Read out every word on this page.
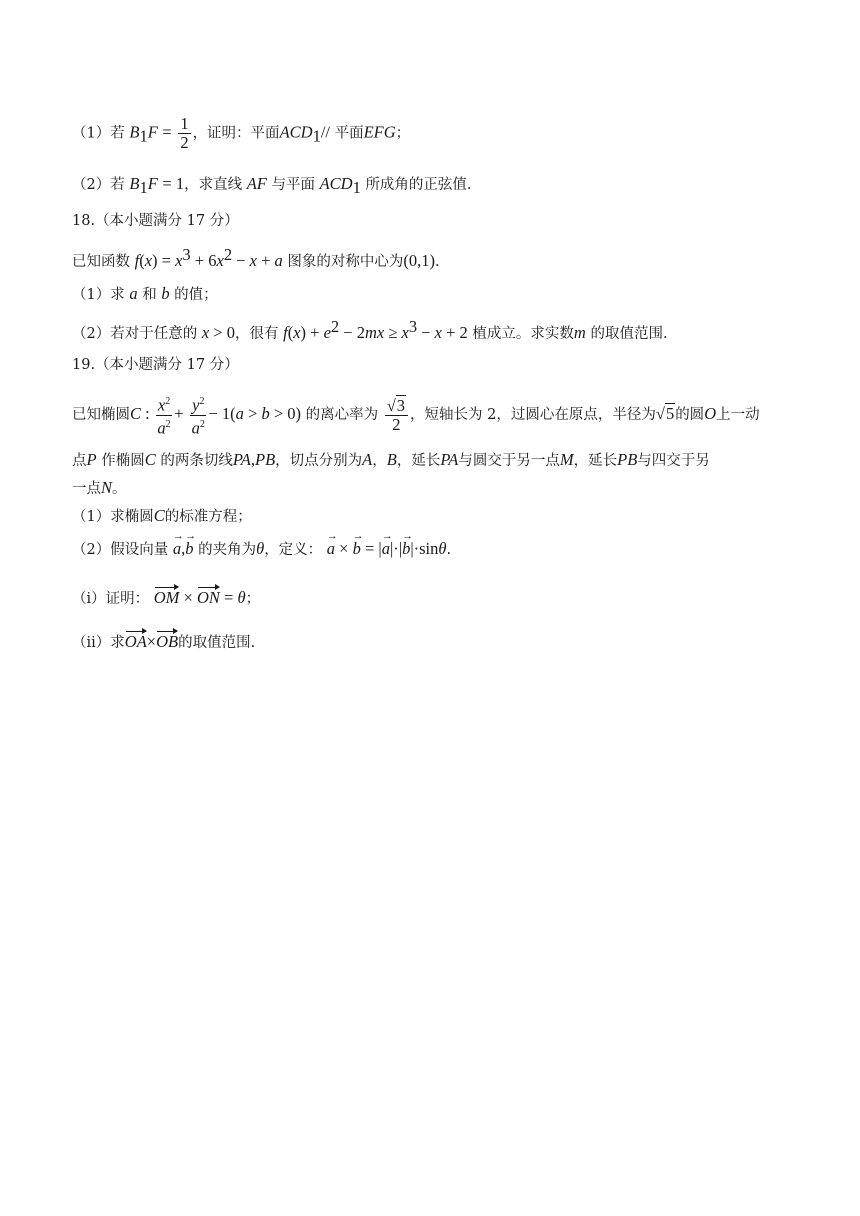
（1）若 $B_1F = \frac{1}{2}$ ，证明：平面$ACD_1//$ 平面EFG；
（2）若 $B_1F = 1$，求直线 AF 与平面 $ACD_1$ 所成角的正弦值.
18.（本小题满分 17 分）
已知函数 $f(x) = x^3 + 6x^2 - x + a$ 图象的对称中心为(0,1).
（1）求 a 和 b 的值；
（2）若对于任意的 x > 0，很有 $f(x) + e^2 - 2mx \ge x^3 - x + 2$ 植成立。求实数m 的取值范围.
19.（本小题满分 17 分）
已知椭圆C : $\frac{x^2}{a^2} + \frac{y^2}{a^2} - 1(a > b > 0)$ 的离心率为 $\frac{√3}{2}$ ，短轴长为 2，过圆心在原点，半径为√5的圆O上一动
点P 作椭圆C 的两条切线PA,PB，切点分别为A，B，延长PA与圆交于另一点M，延长PB与四交于另
一点N。
（1）求椭圆C的标准方程；
（2）假设向量 → a,→ b 的夹角为θ，定义： → a × → b = |→ a|·|→ b|·sinθ.
（ⅰ）证明： OM × ON = θ；
（ⅱ）求OA×OB的取值范围.
